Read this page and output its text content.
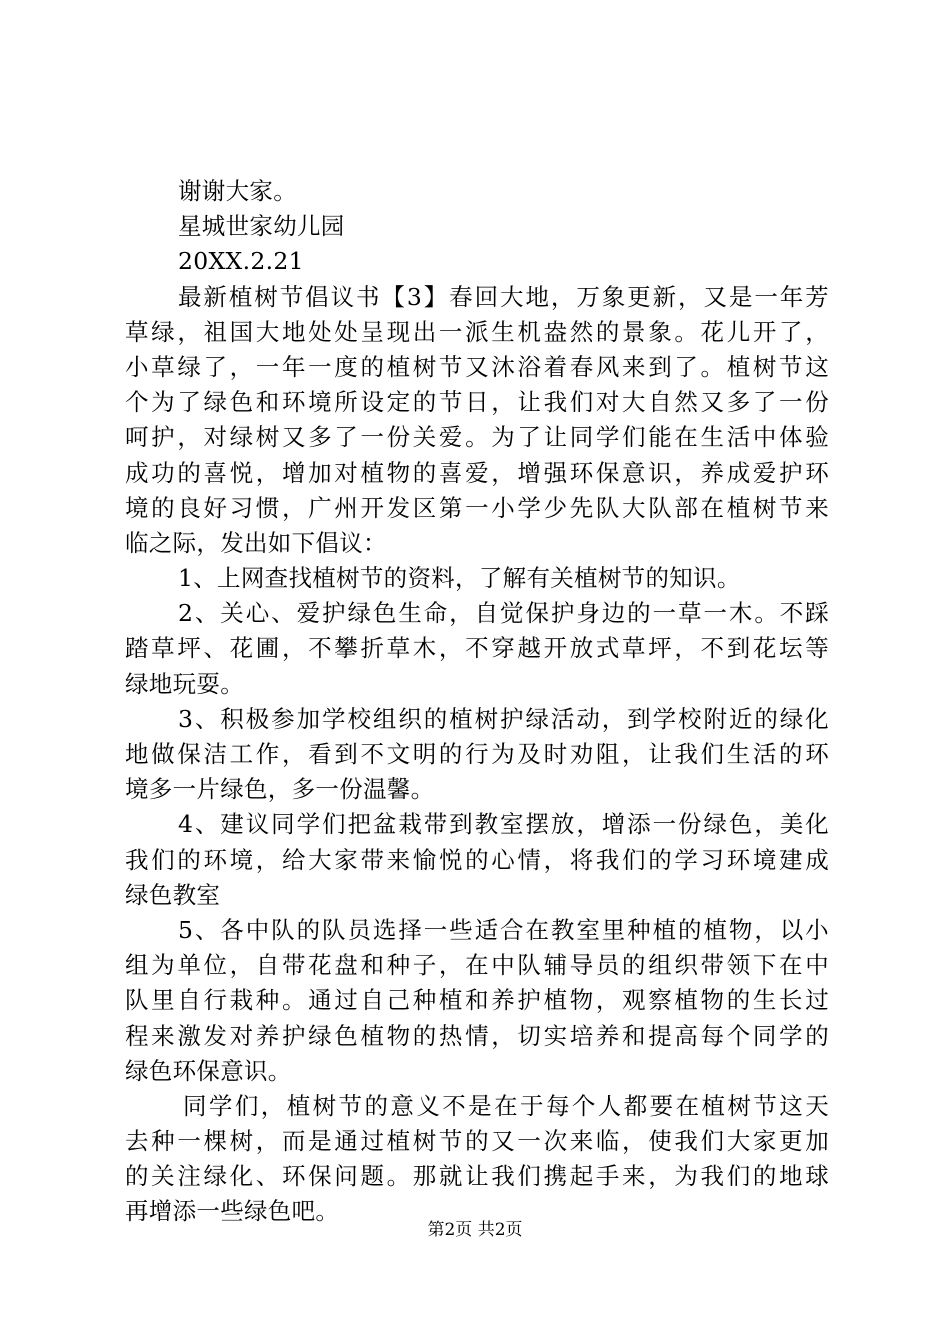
谢谢大家。
星城世家幼儿园
20XX.2.21
最新植树节倡议书【3】春回大地，万象更新，又是一年芳
草绿，祖国大地处处呈现出一派生机盎然的景象。花儿开了，
小草绿了，一年一度的植树节又沐浴着春风来到了。植树节这
个为了绿色和环境所设定的节日，让我们对大自然又多了一份
呵护，对绿树又多了一份关爱。为了让同学们能在生活中体验
成功的喜悦，增加对植物的喜爱，增强环保意识，养成爱护环
境的良好习惯，广州开发区第一小学少先队大队部在植树节来
临之际，发出如下倡议：
1、上网查找植树节的资料，了解有关植树节的知识。
2、关心、爱护绿色生命，自觉保护身边的一草一木。不踩
踏草坪、花圃，不攀折草木，不穿越开放式草坪，不到花坛等
绿地玩耍。
3、积极参加学校组织的植树护绿活动，到学校附近的绿化
地做保洁工作，看到不文明的行为及时劝阻，让我们生活的环
境多一片绿色，多一份温馨。
4、建议同学们把盆栽带到教室摆放，增添一份绿色，美化
我们的环境，给大家带来愉悦的心情，将我们的学习环境建成
绿色教室
5、各中队的队员选择一些适合在教室里种植的植物，以小
组为单位，自带花盘和种子，在中队辅导员的组织带领下在中
队里自行栽种。通过自己种植和养护植物，观察植物的生长过
程来激发对养护绿色植物的热情，切实培养和提高每个同学的
绿色环保意识。
同学们，植树节的意义不是在于每个人都要在植树节这天
去种一棵树，而是通过植树节的又一次来临，使我们大家更加
的关注绿化、环保问题。那就让我们携起手来，为我们的地球
再增添一些绿色吧。
第2页 共2页
